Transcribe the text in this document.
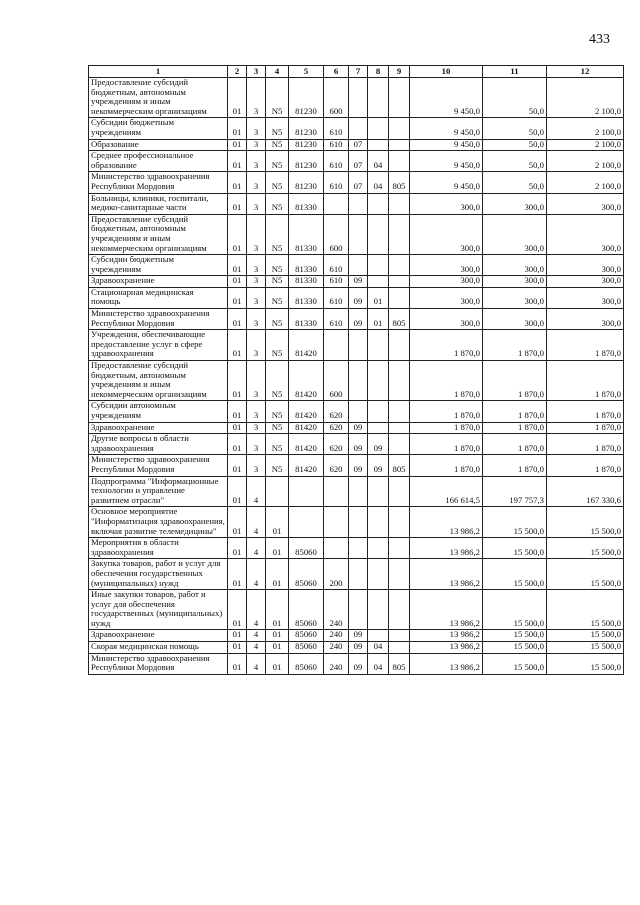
433
1	2	3	4	5	6	7	8	9	10	11	12
Предоставление субсидий бюджетным, автономным учреждениям и иным некоммерческим организациям	01	3	N5	81230	600				9 450,0	50,0	2 100,0
Субсидии бюджетным учреждениям	01	3	N5	81230	610				9 450,0	50,0	2 100,0
Образование	01	3	N5	81230	610	07			9 450,0	50,0	2 100,0
Среднее профессиональное образование	01	3	N5	81230	610	07	04		9 450,0	50,0	2 100,0
Министерство здравоохранения Республики Мордовия	01	3	N5	81230	610	07	04	805	9 450,0	50,0	2 100,0
Больницы, клиники, госпитали, медико-санитарные части	01	3	N5	81330					300,0	300,0	300,0
Предоставление субсидий бюджетным, автономным учреждениям и иным некоммерческим организациям	01	3	N5	81330	600				300,0	300,0	300,0
Субсидии бюджетным учреждениям	01	3	N5	81330	610				300,0	300,0	300,0
Здравоохранение	01	3	N5	81330	610	09			300,0	300,0	300,0
Стационарная медицинская помощь	01	3	N5	81330	610	09	01		300,0	300,0	300,0
Министерство здравоохранения Республики Мордовия	01	3	N5	81330	610	09	01	805	300,0	300,0	300,0
Учреждения, обеспечивающие предоставление услуг в сфере здравоохранения	01	3	N5	81420					1 870,0	1 870,0	1 870,0
Предоставление субсидий бюджетным, автономным учреждениям и иным некоммерческим организациям	01	3	N5	81420	600				1 870,0	1 870,0	1 870,0
Субсидии автономным учреждениям	01	3	N5	81420	620				1 870,0	1 870,0	1 870,0
Здравоохранение	01	3	N5	81420	620	09			1 870,0	1 870,0	1 870,0
Другие вопросы в области здравоохранения	01	3	N5	81420	620	09	09		1 870,0	1 870,0	1 870,0
Министерство здравоохранения Республики Мордовия	01	3	N5	81420	620	09	09	805	1 870,0	1 870,0	1 870,0
Подпрограмма "Информационные технологии и управление развитием отрасли"	01	4							166 614,5	197 757,3	167 330,6
Основное мероприятие "Информатизация здравоохранения, включая развитие телемедицины"	01	4	01						13 986,2	15 500,0	15 500,0
Мероприятия в области здравоохранения	01	4	01	85060					13 986,2	15 500,0	15 500,0
Закупка товаров, работ и услуг для обеспечения государственных (муниципальных) нужд	01	4	01	85060	200				13 986,2	15 500,0	15 500,0
Иные закупки товаров, работ и услуг для обеспечения государственных (муниципальных) нужд	01	4	01	85060	240				13 986,2	15 500,0	15 500,0
Здравоохранение	01	4	01	85060	240	09			13 986,2	15 500,0	15 500,0
Скорая медицинская помощь	01	4	01	85060	240	09	04		13 986,2	15 500,0	15 500,0
Министерство здравоохранения Республики Мордовия	01	4	01	85060	240	09	04	805	13 986,2	15 500,0	15 500,0
